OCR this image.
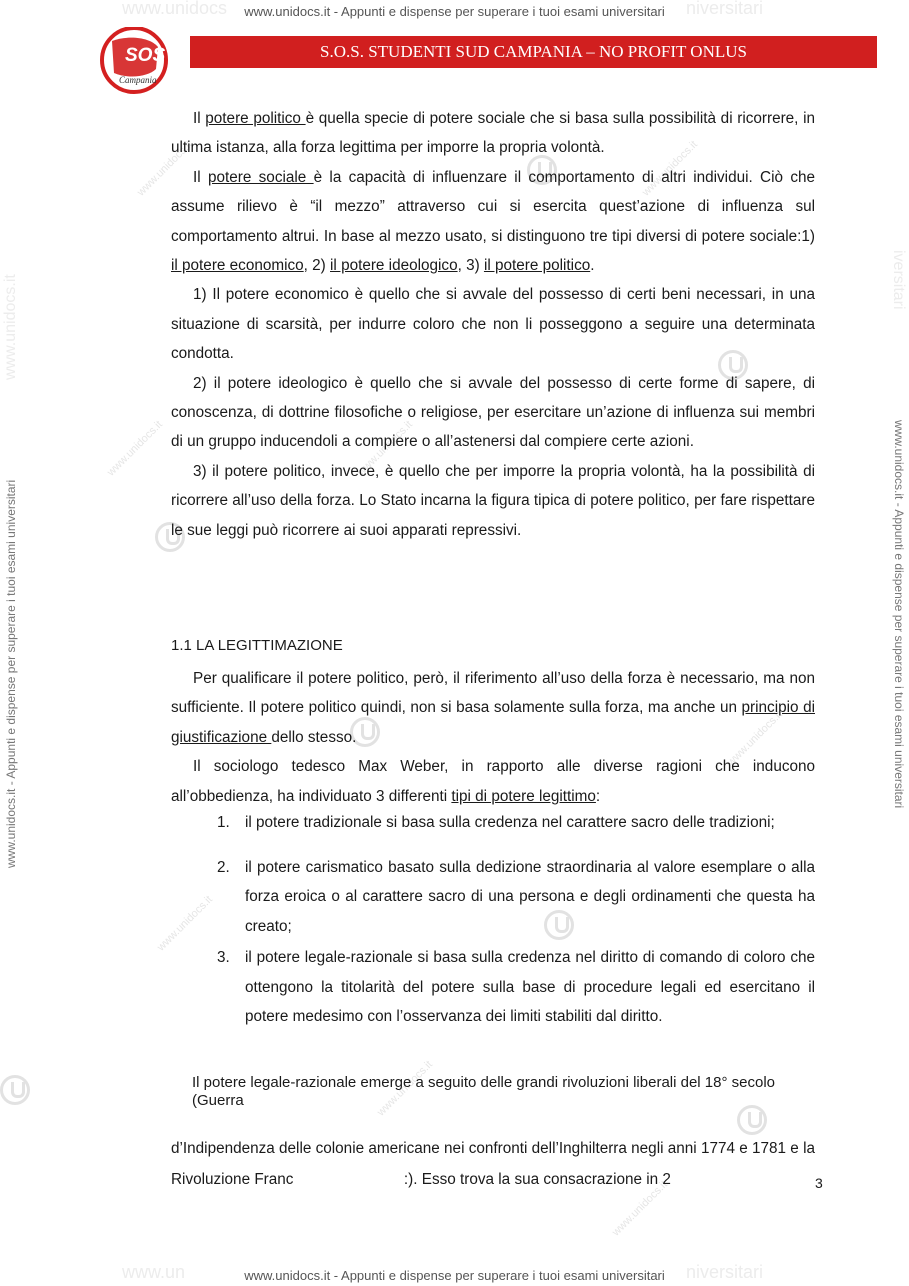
www.unidocs	niversitari
www.un	niversitari
www.unidocs.it	iversitari
www.unidocs.it
www.unidocs.it
www.unidocs.it
www.unidocs.it
www.unidocs.it
www.unidocs.it
www.unidocs.it
www.unidocs.it
www.unidocs.it - Appunti e dispense per superare i tuoi esami universitari
www.unidocs.it - Appunti e dispense per superare i tuoi esami universitari
www.unidocs.it - Appunti e dispense per superare i tuoi esami universitari	www.unidocs.it - Appunti e dispense per superare i tuoi esami universitari
SOS
Campania
S.O.S. STUDENTI SUD CAMPANIA – NO PROFIT ONLUS

Il potere politico è quella specie di potere sociale che si basa sulla possibilità di ricorrere, in ultima istanza, alla forza legittima per imporre la propria volontà.

Il potere sociale è la capacità di influenzare il comportamento di altri individui. Ciò che assume rilievo è “il mezzo” attraverso cui si esercita quest’azione di influenza sul comportamento altrui. In base al mezzo usato, si distinguono tre tipi diversi di potere sociale:1) il potere economico, 2) il potere ideologico, 3) il potere politico.

1) Il potere economico è quello che si avvale del possesso di certi beni necessari, in una situazione di scarsità, per indurre coloro che non li posseggono a seguire una determinata condotta.

2) il potere ideologico è quello che si avvale del possesso di certe forme di sapere, di conoscenza, di dottrine filosofiche o religiose, per esercitare un’azione di influenza sui membri di un gruppo inducendoli a compiere o all’astenersi dal compiere certe azioni.

3) il potere politico, invece, è quello che per imporre la propria volontà, ha la possibilità di ricorrere all’uso della forza. Lo Stato incarna la figura tipica di potere politico, per fare rispettare le sue leggi può ricorrere ai suoi apparati repressivi.

1.1 LA LEGITTIMAZIONE

Per qualificare il potere politico, però, il riferimento all’uso della forza è necessario, ma non sufficiente. Il potere politico quindi, non si basa solamente sulla forza, ma anche un principio di giustificazione dello stesso.

Il sociologo tedesco Max Weber, in rapporto alle diverse ragioni che inducono all’obbedienza, ha individuato 3 differenti tipi di potere legittimo:

1. il potere tradizionale si basa sulla credenza nel carattere sacro delle tradizioni;
2. il potere carismatico basato sulla dedizione straordinaria al valore esemplare o alla forza eroica o al carattere sacro di una persona e degli ordinamenti che questa ha creato;
3. il potere legale-razionale si basa sulla credenza nel diritto di comando di coloro che ottengono la titolarità del potere sulla base di procedure legali ed esercitano il potere medesimo con l’osservanza dei limiti stabiliti dal diritto.
Il potere legale-razionale emerge a seguito delle grandi rivoluzioni liberali del 18° secolo (Guerra
d’Indipendenza delle colonie americane nei confronti dell’Inghilterra negli anni 1774 e 1781 e la Rivoluzione Franc                          :). Esso trova la sua consacrazione in 2	3
